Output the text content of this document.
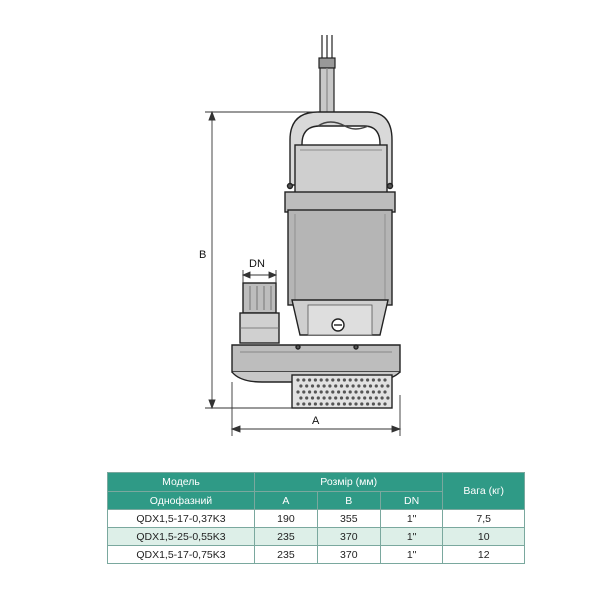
B
A
DN
Модель	Розмір (мм)			Вага (кг)
Однофазний	A	B	DN	
QDX1,5-17-0,37K3	190	355	1"	7,5
QDX1,5-25-0,55K3	235	370	1"	10
QDX1,5-17-0,75K3	235	370	1"	12
